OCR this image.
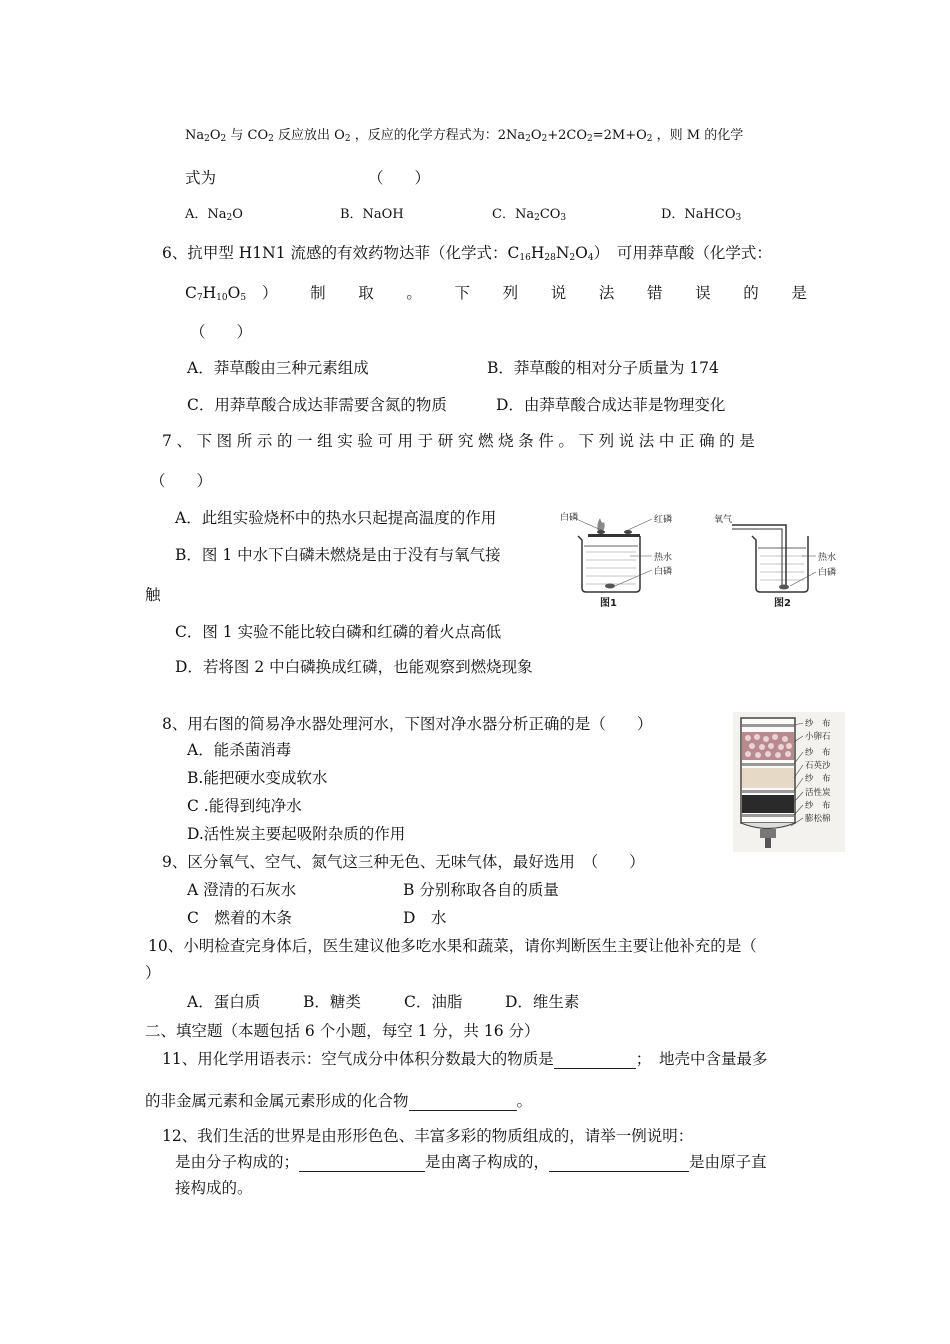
$Na_2O_2$ 与 $CO_2$ 反应放出 $O_2$ ，反应的化学方程式为：$2Na_2O_2+2CO_2=2M+O_2$ ，则 M 的化学
式为	（　　）
A．$Na_2O$	B．NaOH	C．$Na_2CO_3$	D．NaHCO$_3$
6、抗甲型 H1N1 流感的有效药物达菲（化学式：$C_{16}H_{28}N_2O_4$）　可用莽草酸（化学式：
$C_7H_{10}O_5$ ） 制 取 。 下 列 说 法 错 误 的 是
（　　）
A．莽草酸由三种元素组成	B．莽草酸的相对分子质量为 174
C．用莽草酸合成达菲需要含氮的物质	D．由莽草酸合成达菲是物理变化
7、下图所示的一组实验可用于研究燃烧条件。下列说法中正确的是
（　　）
A．此组实验烧杯中的热水只起提高温度的作用
B．图 1 中水下白磷未燃烧是由于没有与氧气接
触
C．图 1 实验不能比较白磷和红磷的着火点高低
D．若将图 2 中白磷换成红磷，也能观察到燃烧现象
白磷	红磷
热水
白磷
图1
氧气
热水
白磷
图2
8、用右图的简易净水器处理河水，下图对净水器分析正确的是（　　）
A．能杀菌消毒
B.能把硬水变成软水
C .能得到纯净水
D.活性炭主要起吸附杂质的作用
纱　布
小卵石
纱　布
石英沙
纱　布
活性炭
纱　布
膨松棉
9、区分氧气、空气、氮气这三种无色、无味气体，最好选用　（　　）
A 澄清的石灰水	B 分别称取各自的质量
C　燃着的木条	D　水
10、小明检查完身体后，医生建议他多吃水果和蔬菜，请你判断医生主要让他补充的是（
）
A．蛋白质	B．糖类	C．油脂	D．维生素
二、填空题（本题包括 6 个小题，每空 1 分，共 16 分）
11、用化学用语表示：空气成分中体积分数最大的物质是	；　地壳中含量最多
的非金属元素和金属元素形成的化合物	。
12、我们生活的世界是由形形色色、丰富多彩的物质组成的，请举一例说明：
是由分子构成的；	是由离子构成的，	是由原子直
接构成的。
